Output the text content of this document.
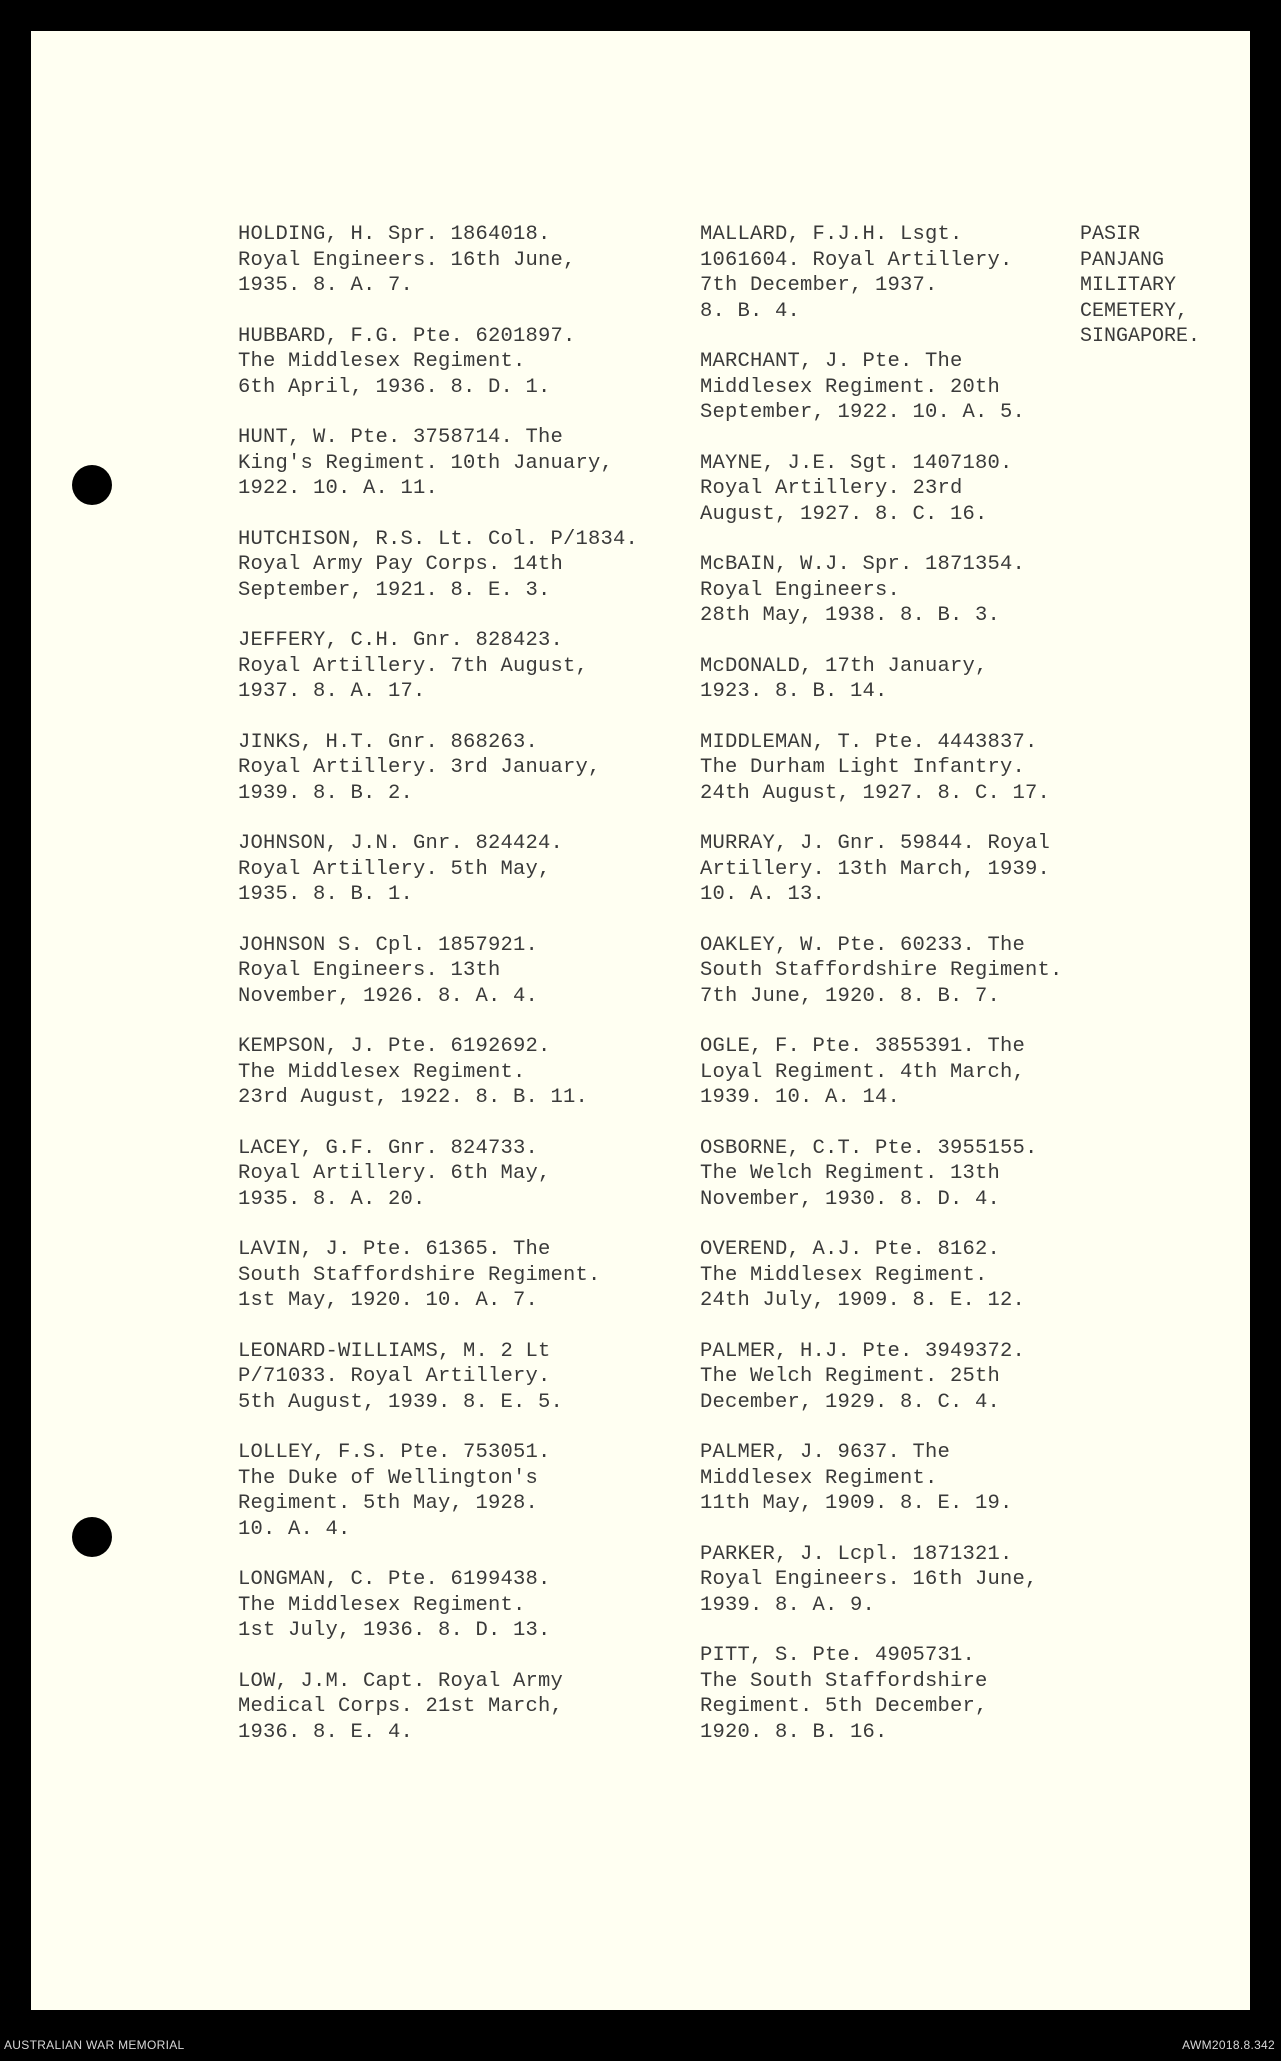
HOLDING, H. Spr. 1864018.
Royal Engineers. 16th June,
1935. 8. A. 7.

HUBBARD, F.G. Pte. 6201897.
The Middlesex Regiment.
6th April, 1936. 8. D. 1.

HUNT, W. Pte. 3758714. The
King's Regiment. 10th January,
1922. 10. A. 11.

HUTCHISON, R.S. Lt. Col. P/1834.
Royal Army Pay Corps. 14th
September, 1921. 8. E. 3.

JEFFERY, C.H. Gnr. 828423.
Royal Artillery. 7th August,
1937. 8. A. 17.

JINKS, H.T. Gnr. 868263.
Royal Artillery. 3rd January,
1939. 8. B. 2.

JOHNSON, J.N. Gnr. 824424.
Royal Artillery. 5th May,
1935. 8. B. 1.

JOHNSON S. Cpl. 1857921.
Royal Engineers. 13th
November, 1926. 8. A. 4.

KEMPSON, J. Pte. 6192692.
The Middlesex Regiment.
23rd August, 1922. 8. B. 11.

LACEY, G.F. Gnr. 824733.
Royal Artillery. 6th May,
1935. 8. A. 20.

LAVIN, J. Pte. 61365. The
South Staffordshire Regiment.
1st May, 1920. 10. A. 7.

LEONARD-WILLIAMS, M. 2 Lt
P/71033. Royal Artillery.
5th August, 1939. 8. E. 5.

LOLLEY, F.S. Pte. 753051.
The Duke of Wellington's
Regiment. 5th May, 1928.
10. A. 4.

LONGMAN, C. Pte. 6199438.
The Middlesex Regiment.
1st July, 1936. 8. D. 13.

LOW, J.M. Capt. Royal Army
Medical Corps. 21st March,
1936. 8. E. 4.

MALLARD, F.J.H. Lsgt.
1061604. Royal Artillery.
7th December, 1937.
8. B. 4.

MARCHANT, J. Pte. The
Middlesex Regiment. 20th
September, 1922. 10. A. 5.

MAYNE, J.E. Sgt. 1407180.
Royal Artillery. 23rd
August, 1927. 8. C. 16.

McBAIN, W.J. Spr. 1871354.
Royal Engineers.
28th May, 1938. 8. B. 3.

McDONALD, 17th January,
1923. 8. B. 14.

MIDDLEMAN, T. Pte. 4443837.
The Durham Light Infantry.
24th August, 1927. 8. C. 17.

MURRAY, J. Gnr. 59844. Royal
Artillery. 13th March, 1939.
10. A. 13.

OAKLEY, W. Pte. 60233. The
South Staffordshire Regiment.
7th June, 1920. 8. B. 7.

OGLE, F. Pte. 3855391. The
Loyal Regiment. 4th March,
1939. 10. A. 14.

OSBORNE, C.T. Pte. 3955155.
The Welch Regiment. 13th
November, 1930. 8. D. 4.

OVEREND, A.J. Pte. 8162.
The Middlesex Regiment.
24th July, 1909. 8. E. 12.

PALMER, H.J. Pte. 3949372.
The Welch Regiment. 25th
December, 1929. 8. C. 4.

PALMER, J. 9637. The
Middlesex Regiment.
11th May, 1909. 8. E. 19.

PARKER, J. Lcpl. 1871321.
Royal Engineers. 16th June,
1939. 8. A. 9.

PITT, S. Pte. 4905731.
The South Staffordshire
Regiment. 5th December,
1920. 8. B. 16.

PASIR
PANJANG
MILITARY
CEMETERY,
SINGAPORE.
AUSTRALIAN WAR MEMORIAL	AWM2018.8.342
